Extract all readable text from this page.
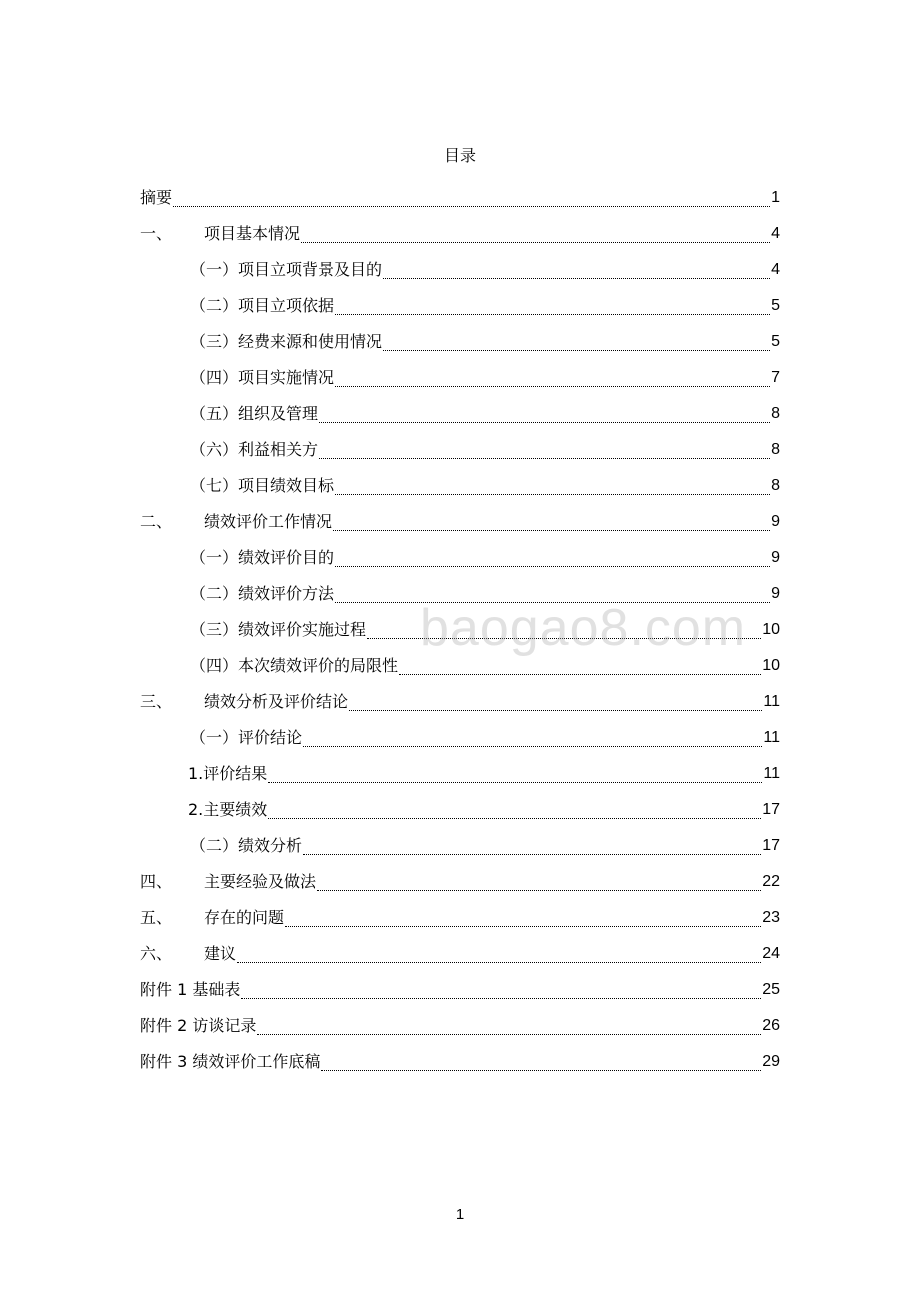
目录
摘要	1
一、	项目基本情况	4
（一）项目立项背景及目的	4
（二）项目立项依据	5
（三）经费来源和使用情况	5
（四）项目实施情况	7
（五）组织及管理	8
（六）利益相关方	8
（七）项目绩效目标	8
二、	绩效评价工作情况	9
（一）绩效评价目的	9
（二）绩效评价方法	9
（三）绩效评价实施过程	10
（四）本次绩效评价的局限性	10
三、	绩效分析及评价结论	11
（一）评价结论	11
1.评价结果	11
2.主要绩效	17
（二）绩效分析	17
四、	主要经验及做法	22
五、	存在的问题	23
六、	建议	24
附件 1 基础表	25
附件 2 访谈记录	26
附件 3 绩效评价工作底稿	29
baogao8.com
1
